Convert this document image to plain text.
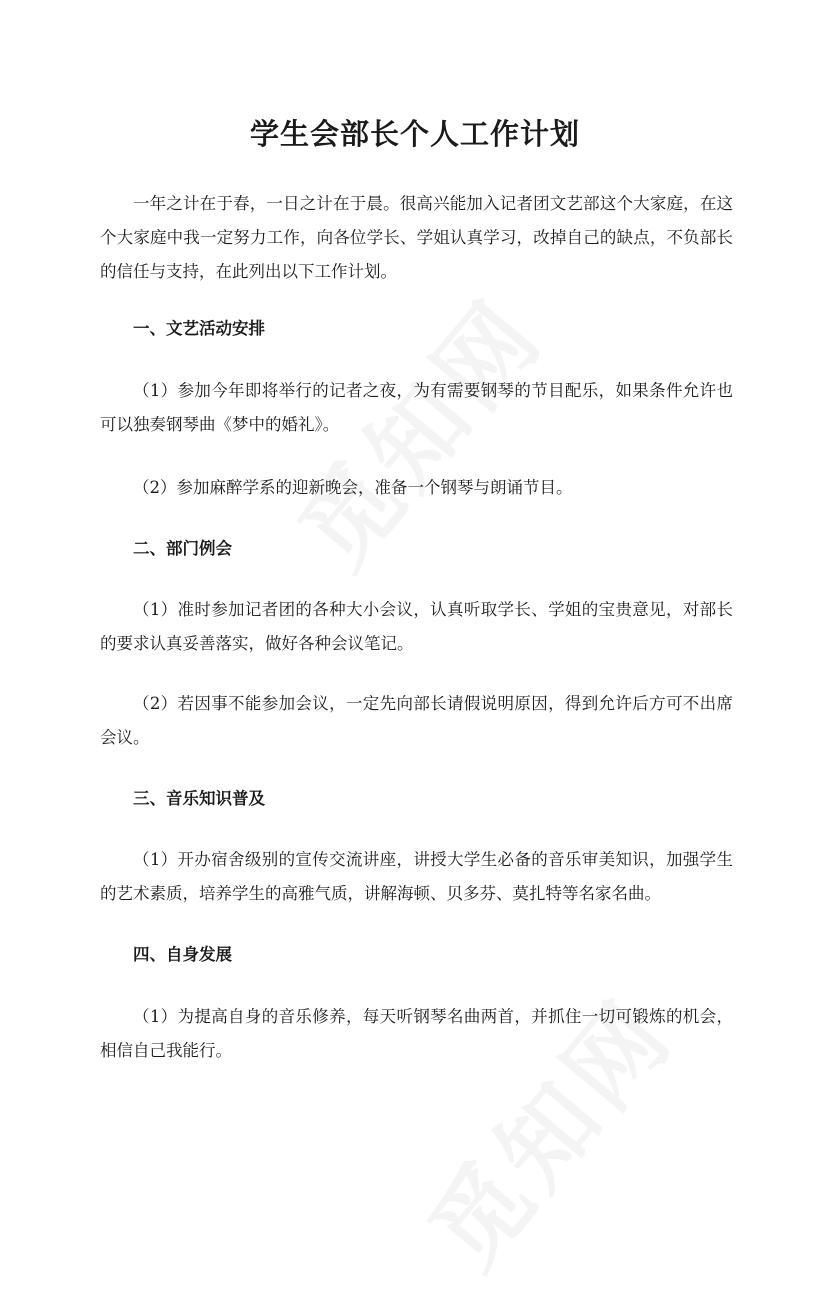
学生会部长个人工作计划

一年之计在于春，一日之计在于晨。很高兴能加入记者团文艺部这个大家庭，在这个大家庭中我一定努力工作，向各位学长、学姐认真学习，改掉自己的缺点，不负部长的信任与支持，在此列出以下工作计划。

一、文艺活动安排

（1）参加今年即将举行的记者之夜，为有需要钢琴的节目配乐，如果条件允许也可以独奏钢琴曲《梦中的婚礼》。

（2）参加麻醉学系的迎新晚会，准备一个钢琴与朗诵节目。

二、部门例会

（1）准时参加记者团的各种大小会议，认真听取学长、学姐的宝贵意见，对部长的要求认真妥善落实，做好各种会议笔记。

（2）若因事不能参加会议，一定先向部长请假说明原因，得到允许后方可不出席会议。

三、音乐知识普及

（1）开办宿舍级别的宣传交流讲座，讲授大学生必备的音乐审美知识，加强学生的艺术素质，培养学生的高雅气质，讲解海顿、贝多芬、莫扎特等名家名曲。

四、自身发展

（1）为提高自身的音乐修养，每天听钢琴名曲两首，并抓住一切可锻炼的机会，相信自己我能行。
